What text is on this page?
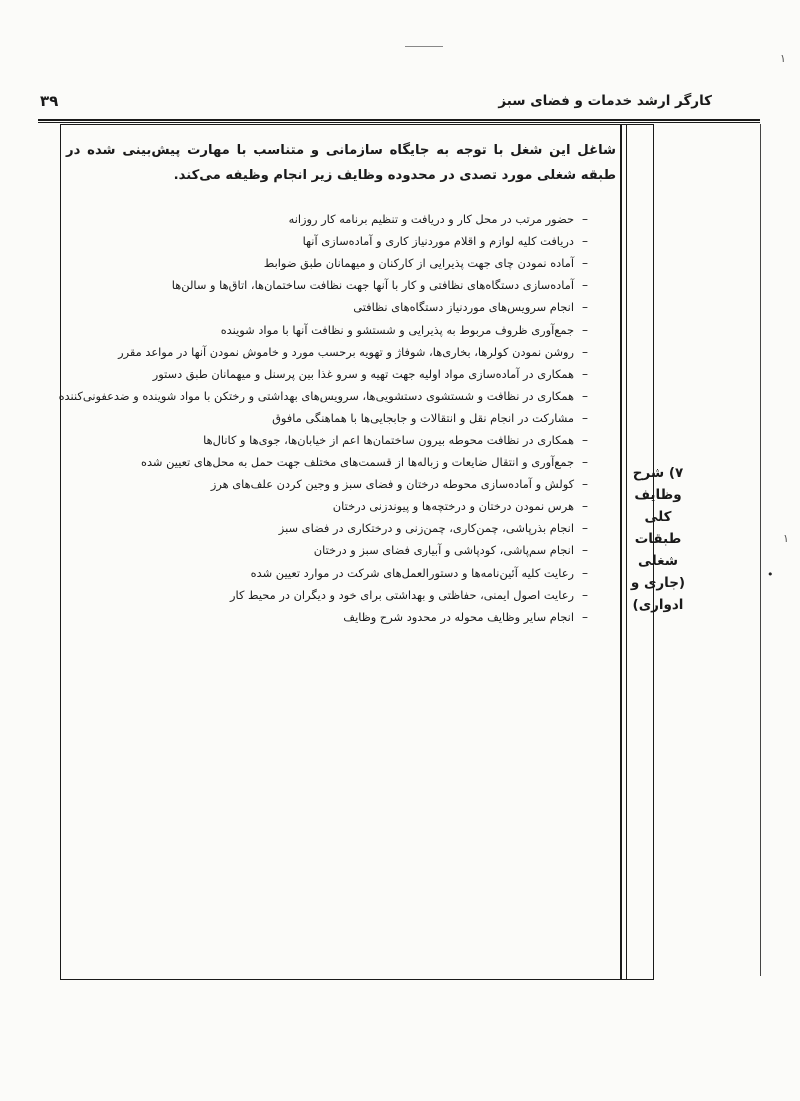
۳۹	کارگر ارشد خدمات و فضای سبز
۷) شرح
وظایف
کلی
طبقات
شغلی
(جاری و
ادواری)
شاغل این شغل با توجه به جایگاه سازمانی و متناسب با مهارت پیش‌بینی شده در طبقه شغلی مورد تصدی در محدوده وظایف زیر انجام وظیفه می‌کند.
–
حضور مرتب در محل کار و دریافت و تنظیم برنامه کار روزانه
–
دریافت کلیه لوازم و اقلام موردنیاز کاری و آماده‌سازی آنها
–
آماده نمودن چای جهت پذیرایی از کارکنان و میهمانان طبق ضوابط
–
آماده‌سازی دستگاه‌های نظافتی و کار با آنها جهت نظافت ساختمان‌ها، اتاق‌ها و سالن‌ها
–
انجام سرویس‌های موردنیاز دستگاه‌های نظافتی
–
جمع‌آوری ظروف مربوط به پذیرایی و شستشو و نظافت آنها با مواد شوینده
–
روشن نمودن کولرها، بخاری‌ها، شوفاژ و تهویه برحسب مورد و خاموش نمودن آنها در مواعد مقرر
–
همکاری در آماده‌سازی مواد اولیه جهت تهیه و سرو غذا بین پرسنل و میهمانان طبق دستور
–
همکاری در نظافت و شستشوی دستشویی‌ها، سرویس‌های بهداشتی و رختکن با مواد شوینده و ضدعفونی‌کننده
–
مشارکت در انجام نقل و انتقالات و جابجایی‌ها با هماهنگی مافوق
–
همکاری در نظافت محوطه بیرون ساختمان‌ها اعم از خیابان‌ها، جوی‌ها و کانال‌ها
–
جمع‌آوری و انتقال ضایعات و زباله‌ها از قسمت‌های مختلف جهت حمل به محل‌های تعیین شده
–
کولش و آماده‌سازی محوطه درختان و فضای سبز و وجین کردن علف‌های هرز
–
هرس نمودن درختان و درختچه‌ها و پیوندزنی درختان
–
انجام بذرپاشی، چمن‌کاری، چمن‌زنی و درختکاری در فضای سبز
–
انجام سم‌پاشی، کودپاشی و آبیاری فضای سبز و درختان
–
رعایت کلیه آئین‌نامه‌ها و دستورالعمل‌های شرکت در موارد تعیین شده
–
رعایت اصول ایمنی، حفاظتی و بهداشتی برای خود و دیگران در محیط کار
–
انجام سایر وظایف محوله در محدود شرح وظایف
۱
۱
•
